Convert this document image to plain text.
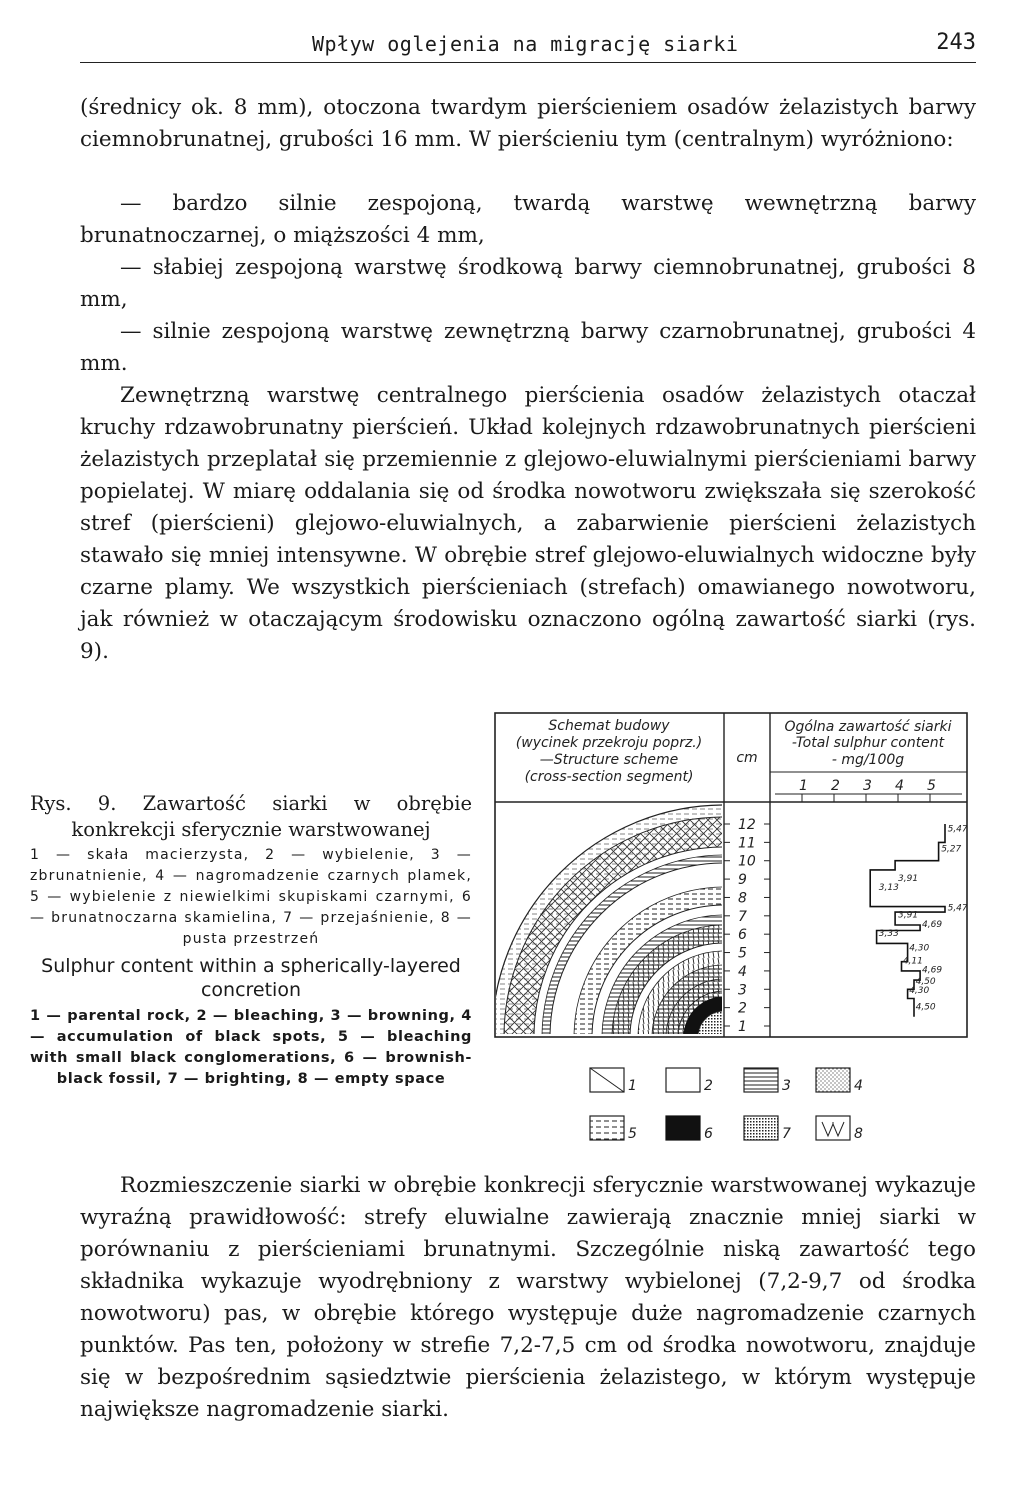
Wpływ oglejenia na migrację siarki	243

(średnicy ok. 8 mm), otoczona twardym pierścieniem osadów żelazistych barwy ciemnobrunatnej, grubości 16 mm. W pierścieniu tym (centralnym) wyróżniono:

— bardzo silnie zespojoną, twardą warstwę wewnętrzną barwy brunatnoczarnej, o miąższości 4 mm,

— słabiej zespojoną warstwę środkową barwy ciemnobrunatnej, grubości 8 mm,

— silnie zespojoną warstwę zewnętrzną barwy czarnobrunatnej, grubości 4 mm.

Zewnętrzną warstwę centralnego pierścienia osadów żelazistych otaczał kruchy rdzawobrunatny pierścień. Układ kolejnych rdzawobrunatnych pierścieni żelazistych przeplatał się przemiennie z glejowo-eluwialnymi pierścieniami barwy popielatej. W miarę oddalania się od środka nowotworu zwiększała się szerokość stref (pierścieni) glejowo-eluwialnych, a zabarwienie pierścieni żelazistych stawało się mniej intensywne. W obrębie stref glejowo-eluwialnych widoczne były czarne plamy. We wszystkich pierścieniach (strefach) omawianego nowotworu, jak również w otaczającym środowisku oznaczono ogólną zawartość siarki (rys. 9).

Rys. 9. Zawartość siarki w obrębie konkrekcji sferycznie warstwowanej

1 — skała macierzysta, 2 — wybielenie, 3 — zbrunatnienie, 4 — nagromadzenie czarnych plamek, 5 — wybielenie z niewielkimi skupiskami czarnymi, 6 — brunatnoczarna skamielina, 7 — przejaśnienie, 8 — pusta przestrzeń

Sulphur content within a spherically-layered concretion

1 — parental rock, 2 — bleaching, 3 — browning, 4 — accumulation of black spots, 5 — bleaching with small black conglomerations, 6 — brownish-black fossil, 7 — brighting, 8 — empty space

Schemat budowy
(wycinek przekroju poprz.)
—Structure scheme
(cross-section segment)
cm
Ogólna zawartość siarki
-Total sulphur content
- mg/100g
12
11
10
9
8
7
6
5
4
3
2
1
1 2 3 4 5
5,47
5,27
3,91
3,13
5,47
3,91
4,69
3,33
4,30
4,11
4,69
4,50
4,30
4,50
1	2	3	4
5	6	7	8

Rozmieszczenie siarki w obrębie konkrecji sferycznie warstwowanej wykazuje wyraźną prawidłowość: strefy eluwialne zawierają znacznie mniej siarki w porównaniu z pierścieniami brunatnymi. Szczególnie niską zawartość tego składnika wykazuje wyodrębniony z warstwy wybielonej (7,2-9,7 od środka nowotworu) pas, w obrębie którego występuje duże nagromadzenie czarnych punktów. Pas ten, położony w strefie 7,2-7,5 cm od środka nowotworu, znajduje się w bezpośrednim sąsiedztwie pierścienia żelazistego, w którym występuje największe nagromadzenie siarki.
